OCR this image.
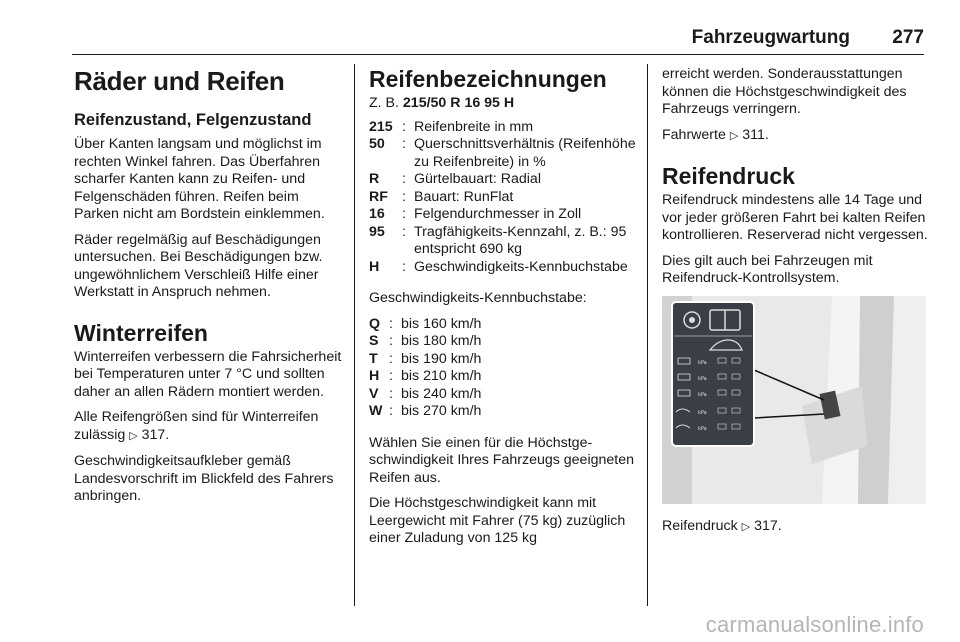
Fahrzeugwartung 277
Räder und Reifen
Reifenzustand, Felgenzustand

Über Kanten langsam und möglichst im rechten Winkel fahren. Das Überfahren scharfer Kanten kann zu Reifen- und Felgenschäden führen. Reifen beim Parken nicht am Bordstein einklemmen.

Räder regelmäßig auf Beschädigungen untersuchen. Bei Beschädigungen bzw. ungewöhnlichem Verschleiß Hilfe einer Werkstatt in Anspruch nehmen.

Winterreifen

Winterreifen verbessern die Fahrsicherheit bei Temperaturen unter 7 °C und sollten daher an allen Rädern montiert werden.

Alle Reifengrößen sind für Winterreifen zulässig ▷ 317.

Geschwindigkeitsaufkleber gemäß Landesvorschrift im Blickfeld des Fahrers anbringen.

Reifenbezeichnungen

Z. B. 215/50 R 16 95 H

215 : Reifenbreite in mm
50	: Querschnittsverhältnis (Reifenhöhe zu Reifenbreite) in %
R	: Gürtelbauart: Radial
RF : Bauart: RunFlat
16	: Felgendurchmesser in Zoll
95	: Tragfähigkeits-Kennzahl, z. B.: 95 entspricht 690 kg
H	: Geschwindigkeits-Kennbuchstabe

Geschwindigkeits-Kennbuchstabe:

Q : bis 160 km/h
S : bis 180 km/h
T : bis 190 km/h
H : bis 210 km/h
V : bis 240 km/h
W : bis 270 km/h

Wählen Sie einen für die Höchstgeschwindigkeit Ihres Fahrzeugs geeigneten Reifen aus.

Die Höchstgeschwindigkeit kann mit Leergewicht mit Fahrer (75 kg) zuzüglich einer Zuladung von 125 kg

erreicht werden. Sonderausstattungen können die Höchstgeschwindigkeit des Fahrzeugs verringern.

Fahrwerte ▷ 311.

Reifendruck

Reifendruck mindestens alle 14 Tage und vor jeder größeren Fahrt bei kalten Reifen kontrollieren. Reserverad nicht vergessen.

Dies gilt auch bei Fahrzeugen mit Reifendruck-Kontrollsystem.

kPa
kPa
kPa
kPa
kPa

Reifendruck ▷ 317.

carmanualsonline.info
